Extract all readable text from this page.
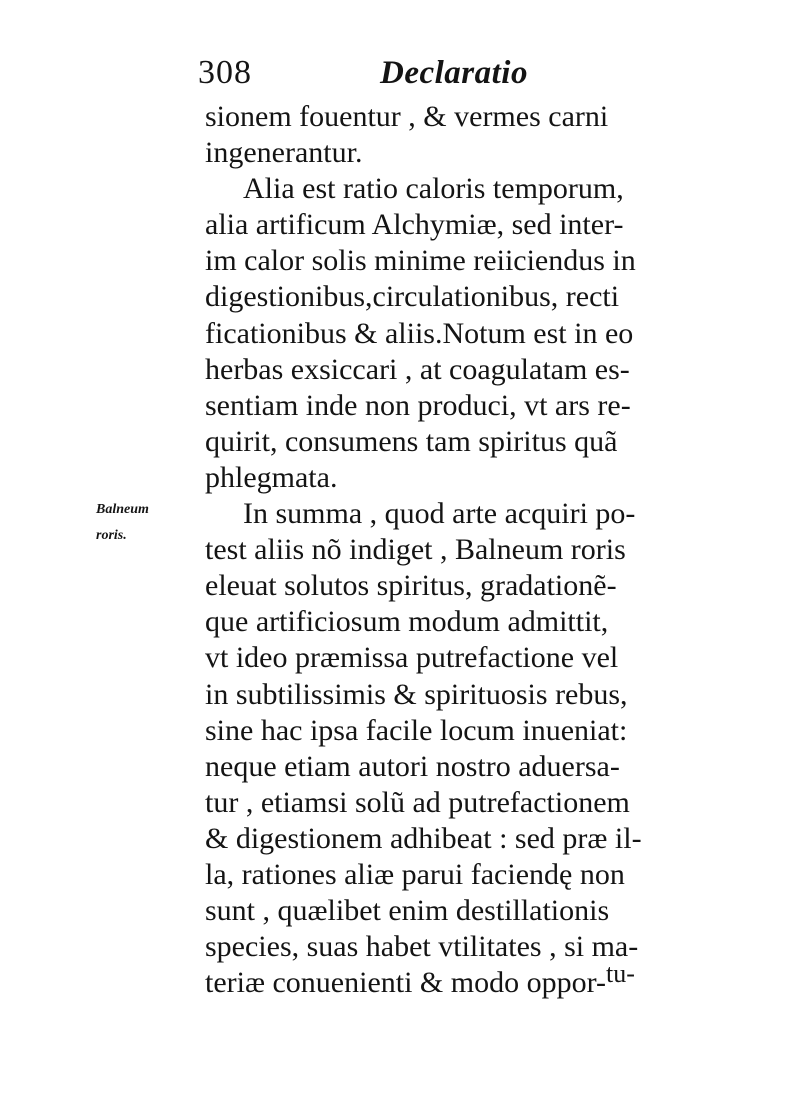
308	Declaratio
Balneum
roris.
sionem fouentur , & vermes carni
ingenerantur.
Alia est ratio caloris temporum,
alia artificum Alchymiæ, sed inter-
im calor solis minime reiiciendus in
digestionibus,circulationibus, recti
ficationibus & aliis.Notum est in eo
herbas exsiccari , at coagulatam es-
sentiam inde non produci, vt ars re-
quirit, consumens tam spiritus quã
phlegmata.
In summa , quod arte acquiri po-
test aliis nõ indiget , Balneum roris
eleuat solutos spiritus, gradationẽ-
que artificiosum modum admittit,
vt ideo præmissa putrefactione vel
in subtilissimis & spirituosis rebus,
sine hac ipsa facile locum inueniat:
neque etiam autori nostro aduersa-
tur , etiamsi solũ ad putrefactionem
& digestionem adhibeat : sed præ il-
la, rationes aliæ parui faciendę non
sunt , quælibet enim destillationis
species, suas habet vtilitates , si ma-
teriæ conuenienti & modo oppor- tu-
